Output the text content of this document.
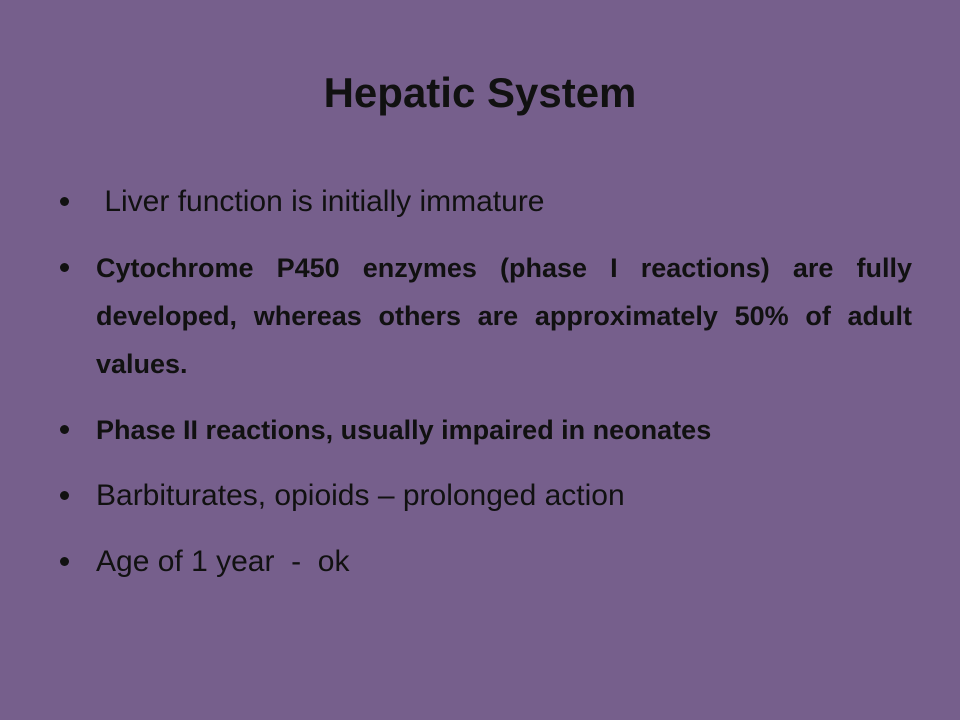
Hepatic System
Liver function is initially immature
Cytochrome P450 enzymes (phase I reactions) are fully developed, whereas others are approximately 50% of adult values.
Phase II reactions, usually impaired in neonates
Barbiturates, opioids – prolonged action
Age of 1 year  -  ok
